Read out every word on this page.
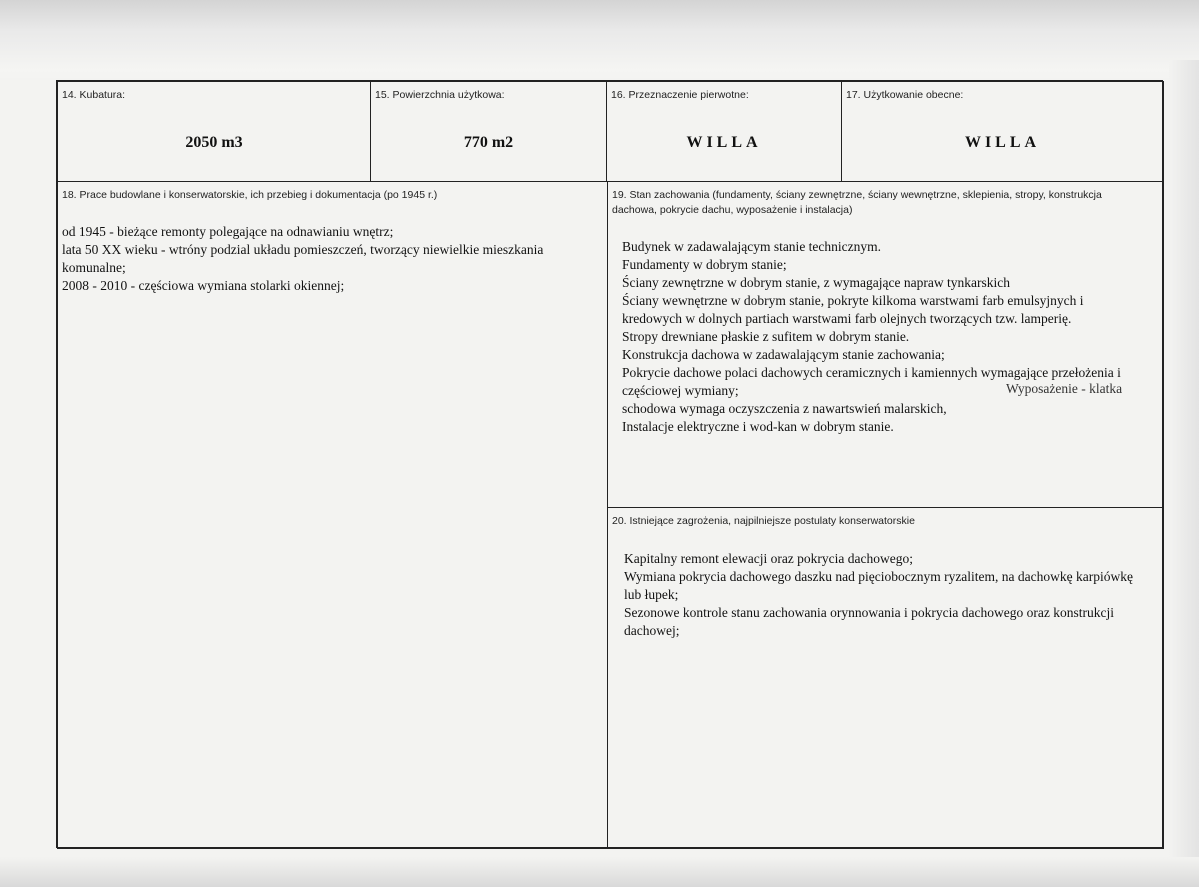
14. Kubatura:

2050 m3

15. Powierzchnia użytkowa:

770 m2

16. Przeznaczenie pierwotne:

WILLA

17. Użytkowanie obecne:

WILLA

18. Prace budowlane i konserwatorskie, ich przebieg i dokumentacja (po 1945 r.)

od 1945 - bieżące remonty polegające na odnawianiu wnętrz;
lata 50 XX wieku - wtróny podzial układu pomieszczeń, tworzący niewielkie mieszkania
komunalne;
2008 - 2010 - częściowa wymiana stolarki okiennej;

19. Stan zachowania (fundamenty, ściany zewnętrzne, ściany wewnętrzne, sklepienia, stropy, konstrukcja
dachowa, pokrycie dachu, wyposażenie i instalacja)

Budynek w zadawalającym stanie technicznym.
Fundamenty w dobrym stanie;
Ściany zewnętrzne w dobrym stanie, z wymagające napraw tynkarskich
Ściany wewnętrzne w dobrym stanie, pokryte kilkoma warstwami farb emulsyjnych i
kredowych w dolnych partiach warstwami farb olejnych tworzących tzw. lamperię.
Stropy drewniane płaskie z sufitem w dobrym stanie.
Konstrukcja dachowa w zadawalającym stanie zachowania;
Pokrycie dachowe polaci dachowych ceramicznych i kamiennych wymagające przełożenia i
częściowej wymiany;
schodowa wymaga oczyszczenia z nawartswień malarskich,
Instalacje elektryczne i wod-kan w dobrym stanie.
Wyposażenie - klatka

20. Istniejące zagrożenia, najpilniejsze postulaty konserwatorskie

Kapitalny remont elewacji oraz pokrycia dachowego;
Wymiana pokrycia dachowego daszku nad pięciobocznym ryzalitem, na dachowkę karpiówkę
lub łupek;
Sezonowe kontrole stanu zachowania orynnowania i pokrycia dachowego oraz konstrukcji
dachowej;
